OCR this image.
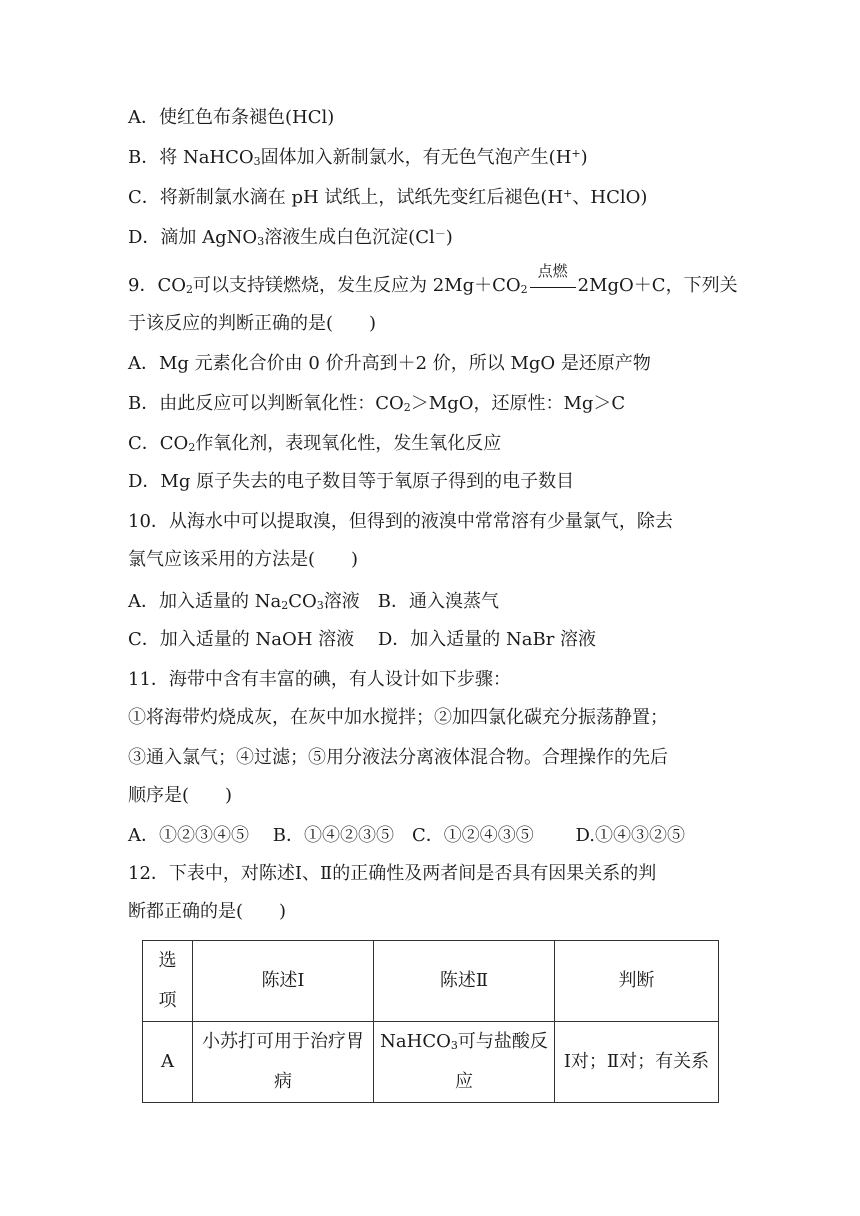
A．使红色布条褪色(HCl)
B．将 NaHCO$_3$固体加入新制氯水，有无色气泡产生(H+)
C．将新制氯水滴在 pH 试纸上，试纸先变红后褪色(H+、HClO)
D．滴加 AgNO$_3$溶液生成白色沉淀(Cl－)
9．$CO_2$可以支持镁燃烧，发生反应为 $2Mg+CO_2$
点燃
2MgO＋C，下列关
于该反应的判断正确的是(　　)
A．Mg 元素化合价由 0 价升高到＋2 价，所以 MgO 是还原产物
B．由此反应可以判断氧化性：$CO_2>MgO$，还原性：Mg＞C
C．$CO_2$作氧化剂，表现氧化性，发生氧化反应
D．Mg 原子失去的电子数目等于氧原子得到的电子数目
10．从海水中可以提取溴，但得到的液溴中常常溶有少量氯气，除去
氯气应该采用的方法是(　　)
A．加入适量的 $Na_2CO_3$溶液　B．通入溴蒸气
C．加入适量的 NaOH 溶液　 D．加入适量的 NaBr 溶液
11．海带中含有丰富的碘，有人设计如下步骤：
①将海带灼烧成灰，在灰中加水搅拌；②加四氯化碳充分振荡静置；
③通入氯气；④过滤；⑤用分液法分离液体混合物。合理操作的先后
顺序是(　　)
A．①②③④⑤　 B．①④②③⑤　C．①②④③⑤　　 D.①④③②⑤
12．下表中，对陈述Ⅰ、Ⅱ的正确性及两者间是否具有因果关系的判
断都正确的是(　　)
选项	陈述Ⅰ	陈述Ⅱ	判断
A	小苏打可用于治疗胃病	NaHCO$_3$可与盐酸反应	Ⅰ对；Ⅱ对；有关系
